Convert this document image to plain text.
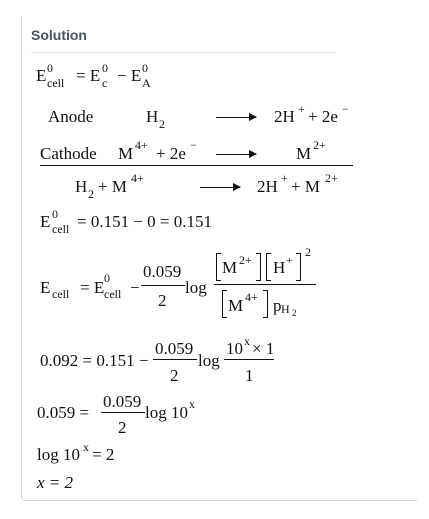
Solution
E 0
cell = E 0
c − E 0
A
Anode	H 2	→ 2H + + 2e −
Cathode M 4+ + 2e −	M 2+
H 2 + M 4+ → 2H + + M 2+
E 0
cell = 0.151 − 0 = 0.151
E cell = E 0
cell −
0.059
2
log
M 2+ H +
2
M 4+ p H 2
0.092 = 0.151 −
0.059
2
log
10 x × 1
1
0.059 =
0.059
2
log 10 x
log 10 x = 2
x = 2
